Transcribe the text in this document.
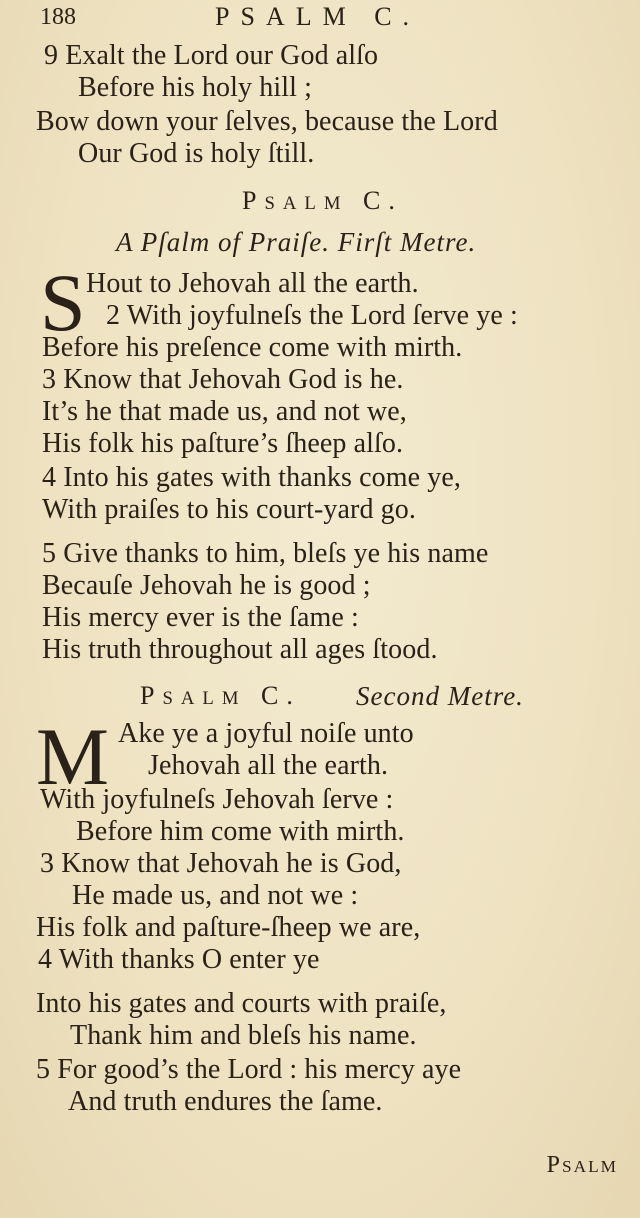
188	PSALM C.
9 Exalt the Lord our God alſo
Before his holy hill ;
Bow down your ſelves, because the Lord
Our God is holy ſtill.
PSALM C.
A Pſalm of Praiſe. Firſt Metre.
S Hout to Jehovah all the earth.
2 With joyfulneſs the Lord ſerve ye :
Before his preſence come with mirth.
3 Know that Jehovah God is he.
It’s he that made us, and not we,
His folk his paſture’s ſheep alſo.
4 Into his gates with thanks come ye,
With praiſes to his court-yard go.
5 Give thanks to him, bleſs ye his name
Becauſe Jehovah he is good ;
His mercy ever is the ſame :
His truth throughout all ages ſtood.
PSALM C. Second Metre.
M Ake ye a joyful noiſe unto
Jehovah all the earth.
With joyfulneſs Jehovah ſerve :
Before him come with mirth.
3 Know that Jehovah he is God,
He made us, and not we :
His folk and paſture-ſheep we are,
4 With thanks O enter ye
Into his gates and courts with praiſe,
Thank him and bleſs his name.
5 For good’s the Lord : his mercy aye
And truth endures the ſame.
PSALM
